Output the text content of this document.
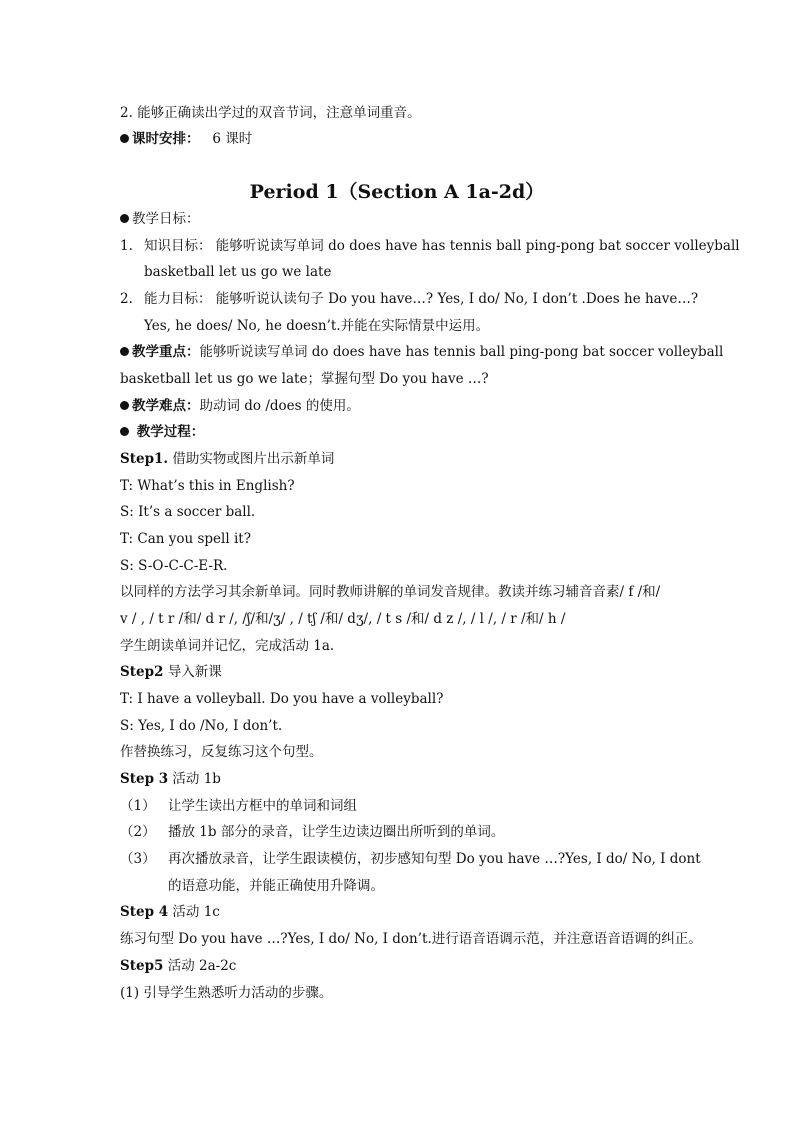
2. 能够正确读出学过的双音节词，注意单词重音。
课时安排： 6 课时
Period 1（Section A 1a-2d）
教学日标：
1. 知识目标： 能够听说读写单词 do does have has tennis ball ping-pong bat soccer volleyball
basketball let us go we late
2. 能力目标： 能够听说认读句子 Do you have…? Yes, I do/ No, I don’t .Does he have…?
Yes, he does/ No, he doesn’t.并能在实际情景中运用。
教学重点：能够听说读写单词 do does have has tennis ball ping-pong bat soccer volleyball
basketball let us go we late；掌握句型 Do you have …?
教学难点：助动词 do /does 的使用。
教学过程：
Step1. 借助实物或图片出示新单词
T: What’s this in English?
S: It’s a soccer ball.
T: Can you spell it?
S: S-O-C-C-E-R.
以同样的方法学习其余新单词。同时教师讲解的单词发音规律。教读并练习辅音音素/ f /和/
v / , / t r /和/ d r /, /ʃ/和/ʒ/ , / tʃ /和/ dʒ/, / t s /和/ d z /, / l /, / r /和/ h /
学生朗读单词并记忆，完成活动 1a.
Step2 导入新课
T: I have a volleyball. Do you have a volleyball?
S: Yes, I do /No, I don’t.
作替换练习，反复练习这个句型。
Step 3 活动 1b
（1） 让学生读出方框中的单词和词组
（2） 播放 1b 部分的录音，让学生边读边圈出所听到的单词。
（3） 再次播放录音，让学生跟读模仿，初步感知句型 Do you have …?Yes, I do/ No, I dont
的语意功能，并能正确使用升降调。
Step 4 活动 1c
练习句型 Do you have …?Yes, I do/ No, I don’t.进行语音语调示范，并注意语音语调的纠正。
Step5 活动 2a-2c
(1) 引导学生熟悉听力活动的步骤。
